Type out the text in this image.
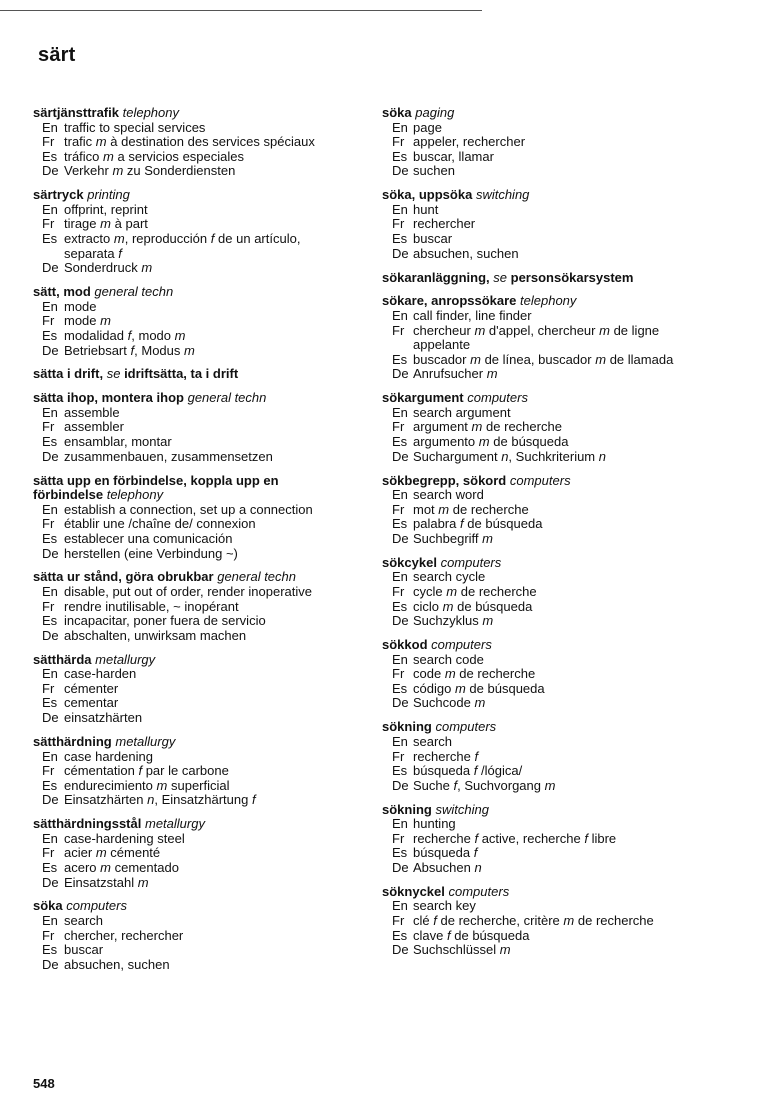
särt
särtjänsttrafik telephony
En traffic to special services
Fr trafic m à destination des services spéciaux
Es tráfico m a servicios especiales
De Verkehr m zu Sonderdiensten
särtryck printing
En offprint, reprint
Fr tirage m à part
Es extracto m, reproducción f de un artículo,
separata f
De Sonderdruck m
sätt, mod general techn
En mode
Fr mode m
Es modalidad f, modo m
De Betriebsart f, Modus m
sätta i drift, se idriftsätta, ta i drift
sätta ihop, montera ihop general techn
En assemble
Fr assembler
Es ensamblar, montar
De zusammenbauen, zusammensetzen
sätta upp en förbindelse, koppla upp en
förbindelse telephony
En establish a connection, set up a connection
Fr établir une /chaîne de/ connexion
Es establecer una comunicación
De herstellen (eine Verbindung ~)
sätta ur stånd, göra obrukbar general techn
En disable, put out of order, render inoperative
Fr rendre inutilisable, ~ inopérant
Es incapacitar, poner fuera de servicio
De abschalten, unwirksam machen
sätthärda metallurgy
En case-harden
Fr cémenter
Es cementar
De einsatzhärten
sätthärdning metallurgy
En case hardening
Fr cémentation f par le carbone
Es endurecimiento m superficial
De Einsatzhärten n, Einsatzhärtung f
sätthärdningsstål metallurgy
En case-hardening steel
Fr acier m cémenté
Es acero m cementado
De Einsatzstahl m
söka computers
En search
Fr chercher, rechercher
Es buscar
De absuchen, suchen
söka paging
En page
Fr appeler, rechercher
Es buscar, llamar
De suchen
söka, uppsöka switching
En hunt
Fr rechercher
Es buscar
De absuchen, suchen
sökaranläggning, se personsökarsystem
sökare, anropssökare telephony
En call finder, line finder
Fr chercheur m d'appel, chercheur m de ligne
appelante
Es buscador m de línea, buscador m de llamada
De Anrufsucher m
sökargument computers
En search argument
Fr argument m de recherche
Es argumento m de búsqueda
De Suchargument n, Suchkriterium n
sökbegrepp, sökord computers
En search word
Fr mot m de recherche
Es palabra f de búsqueda
De Suchbegriff m
sökcykel computers
En search cycle
Fr cycle m de recherche
Es ciclo m de búsqueda
De Suchzyklus m
sökkod computers
En search code
Fr code m de recherche
Es código m de búsqueda
De Suchcode m
sökning computers
En search
Fr recherche f
Es búsqueda f /lógica/
De Suche f, Suchvorgang m
sökning switching
En hunting
Fr recherche f active, recherche f libre
Es búsqueda f
De Absuchen n
söknyckel computers
En search key
Fr clé f de recherche, critère m de recherche
Es clave f de búsqueda
De Suchschlüssel m
548
